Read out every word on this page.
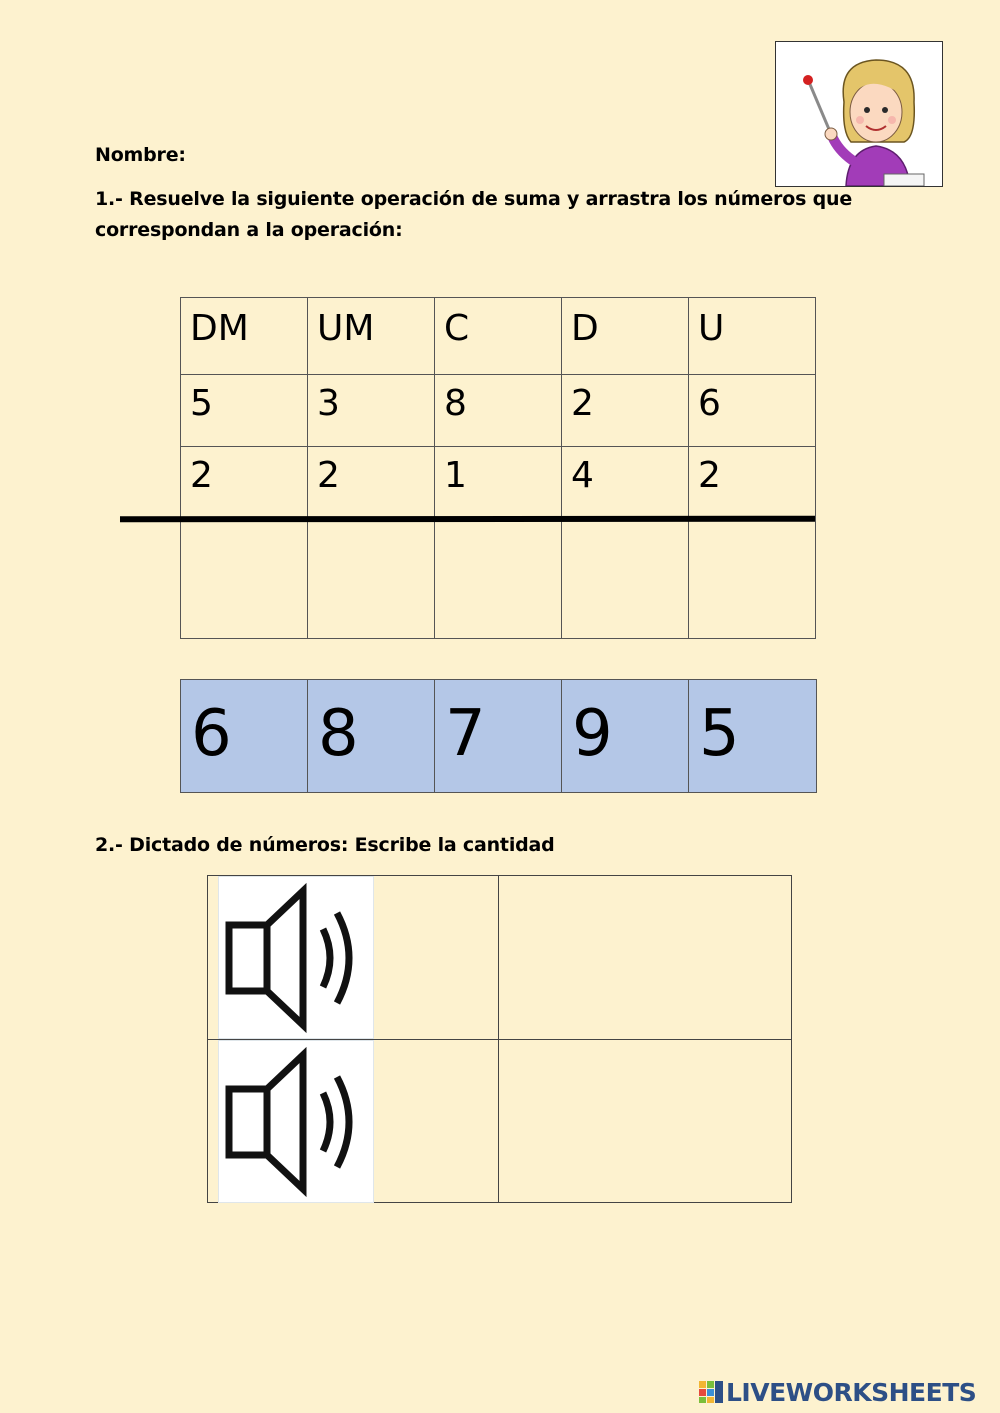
Nombre:
1.- Resuelve la siguiente operación de suma y arrastra los números que correspondan a la operación:
DM	UM	C	D	U
5	3	8	2	6
2	2	1	4	2

6	8	7	9	5
2.- Dictado de números: Escribe la cantidad
LIVEWORKSHEETS
